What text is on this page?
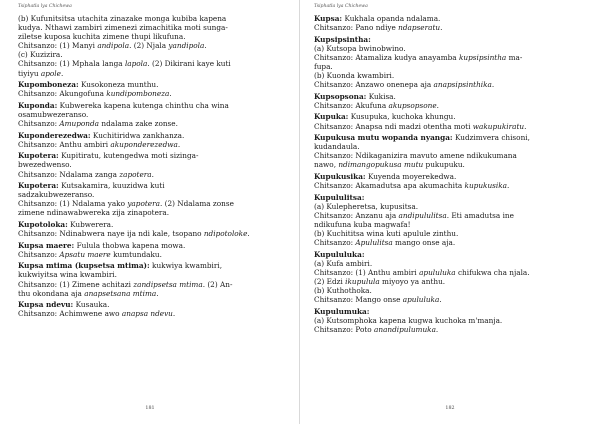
Tsiphatla lya Chichewa
(b) Kufunitsitsa utachita zinazake monga kubiba kapena
kudya. Nthawi zambiri zimenezi zimachitika moti sunga-
ziletse kuposa kuchita zimene thupi likufuna.
Chitsanzo: (1) Manyi andipola. (2) Njala yandipola.
(c) Kuzizira.
Chitsanzo: (1) Mphala langa lapola. (2) Dikirani kaye kuti
tiyiyu apole.
Kupomboneza: Kusokoneza munthu.
Chitsanzo: Akungofuna kundipomboneza.
Kuponda: Kubwereka kapena kutenga chinthu cha wina
osamubwezeranso.
Chitsanzo: Amuponda ndalama zake zonse.
Kuponderezedwa: Kuchitiridwa zankhanza.
Chitsanzo: Anthu ambiri akuponderezedwa.
Kupotera: Kupitiratu, kutengedwa moti sizinga-
bwezedwenso.
Chitsanzo: Ndalama zanga zapotera.
Kupotera: Kutsakamira, kuuzidwa kuti
sadzakubwezeranso.
Chitsanzo: (1) Ndalama yako yapotera. (2) Ndalama zonse
zimene ndinawabwereka zija zinapotera.
Kupotoloka: Kubwerera.
Chitsanzo: Ndinabwera naye ija ndi kale, tsopano ndipotoloke.
Kupsa maere: Fulula thobwa kapena mowa.
Chitsanzo: Apsatu maere kumtundaku.
Kupsa mtima (kupsetsa mtima): kukwiya kwambiri,
kukwiyitsa wina kwambiri.
Chitsanzo: (1) Zimene achitazi zandipsetsa mtima. (2) An-
thu okondana aja anapsetsana mtima.
Kupsa ndevu: Kusauka.
Chitsanzo: Achimwene awo anapsa ndevu.
181
Tsiphatla lya Chichewa
Kupsa: Kukhala opanda ndalama.
Chitsanzo: Pano ndiye ndapseratu.
Kupsipsintha:
(a) Kutsopa bwinobwino.
Chitsanzo: Atamaliza kudya anayamba kupsipsintha ma-
fupa.
(b) Kuonda kwambiri.
Chitsanzo: Anzawo onenepa aja anapsipsinthika.
Kupsopsona: Kukisa.
Chitsanzo: Akufuna akupsopsone.
Kupuka: Kusupuka, kuchoka khungu.
Chitsanzo: Anapsa ndi madzi otentha moti wakupukiratu.
Kupukusa mutu wopanda nyanga: Kudzimvera chisoni,
kudandaula.
Chitsanzo: Ndikaganizira mavuto amene ndikukumana
nawo, ndimangopukusa mutu pukupuku.
Kupukusika: Kuyenda moyerekedwa.
Chitsanzo: Akamadutsa apa akumachita kupukusika.
Kupululitsa:
(a) Kulepheretsa, kupusitsa.
Chitsanzo: Anzanu aja andipululitsa. Eti amadutsa ine
ndikufuna kuba magwafa!
(b) Kuchititsa wina kuti apulule zinthu.
Chitsanzo: Apululitsa mango onse aja.
Kupululuka:
(a) Kufa ambiri.
Chitsanzo: (1) Anthu ambiri apululuka chifukwa cha njala.
(2) Edzi ikupulula miyoyo ya anthu.
(b) Kuthothoka.
Chitsanzo: Mango onse apululuka.
Kupulumuka:
(a) Kutsomphoka kapena kugwa kuchoka m'manja.
Chitsanzo: Poto anandipulumuka.
182
